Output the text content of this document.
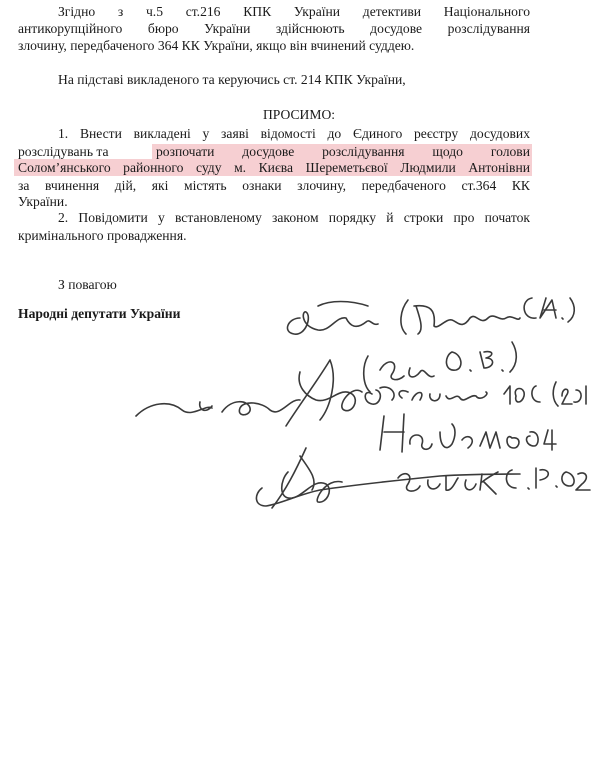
Згідно з ч.5 ст.216 КПК України детективи Національного
антикорупційного бюро України здійснюють досудове розслідування
злочину, передбаченого 364 КК України, якщо він вчинений суддею.
На підставі викладеного та керуючись ст. 214 КПК України,
ПРОСИМО:
1. Внести викладені у заяві відомості до Єдиного реєстру досудових
розслідувань та	розпочати досудове розслідування щодо голови
Солом’янського районного суду м. Києва Шереметьєвої Людмили Антонівни
за вчинення дій, які містять ознаки злочину, передбаченого ст.364 КК
України.
2. Повідомити у встановленому законом порядку й строки про початок
кримінального провадження.
З повагою
Народні депутати України
